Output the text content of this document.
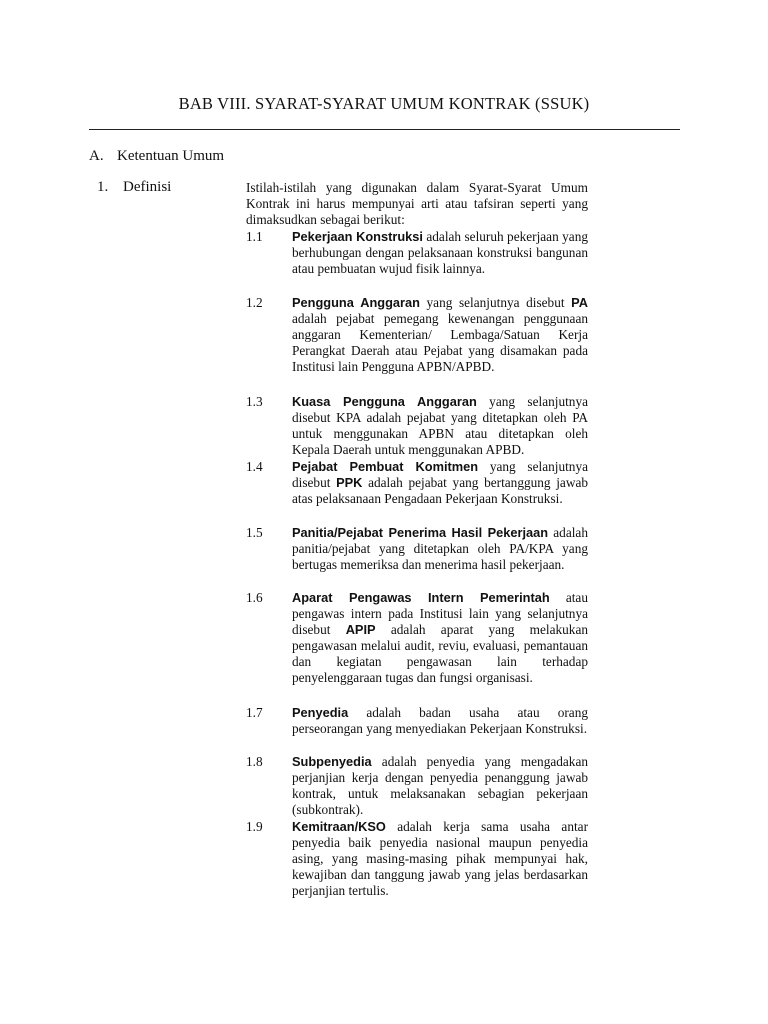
BAB VIII. SYARAT-SYARAT UMUM KONTRAK (SSUK)
A. Ketentuan Umum
1. Definisi	Istilah-istilah yang digunakan dalam Syarat-Syarat Umum Kontrak ini harus mempunyai arti atau tafsiran seperti yang dimaksudkan sebagai berikut:
1.1	Pekerjaan Konstruksi adalah seluruh pekerjaan yang berhubungan dengan pelaksanaan konstruksi bangunan atau pembuatan wujud fisik lainnya.
1.2	Pengguna Anggaran yang selanjutnya disebut PA adalah pejabat pemegang kewenangan penggunaan anggaran Kementerian/ Lembaga/Satuan Kerja Perangkat Daerah atau Pejabat yang disamakan pada Institusi lain Pengguna APBN/APBD.
1.3	Kuasa Pengguna Anggaran yang selanjutnya disebut KPA adalah pejabat yang ditetapkan oleh PA untuk menggunakan APBN atau ditetapkan oleh Kepala Daerah untuk menggunakan APBD.
1.4	Pejabat Pembuat Komitmen yang selanjutnya disebut PPK adalah pejabat yang bertanggung jawab atas pelaksanaan Pengadaan Pekerjaan Konstruksi.
1.5	Panitia/Pejabat Penerima Hasil Pekerjaan adalah panitia/pejabat yang ditetapkan oleh PA/KPA yang bertugas memeriksa dan menerima hasil pekerjaan.
1.6	Aparat Pengawas Intern Pemerintah atau pengawas intern pada Institusi lain yang selanjutnya disebut APIP adalah aparat yang melakukan pengawasan melalui audit, reviu, evaluasi, pemantauan dan kegiatan pengawasan lain terhadap penyelenggaraan tugas dan fungsi organisasi.
1.7	Penyedia adalah badan usaha atau orang perseorangan yang menyediakan Pekerjaan Konstruksi.
1.8	Subpenyedia adalah penyedia yang mengadakan perjanjian kerja dengan penyedia penanggung jawab kontrak, untuk melaksanakan sebagian pekerjaan (subkontrak).
1.9	Kemitraan/KSO adalah kerja sama usaha antar penyedia baik penyedia nasional maupun penyedia asing, yang masing-masing pihak mempunyai hak, kewajiban dan tanggung jawab yang jelas berdasarkan perjanjian tertulis.
